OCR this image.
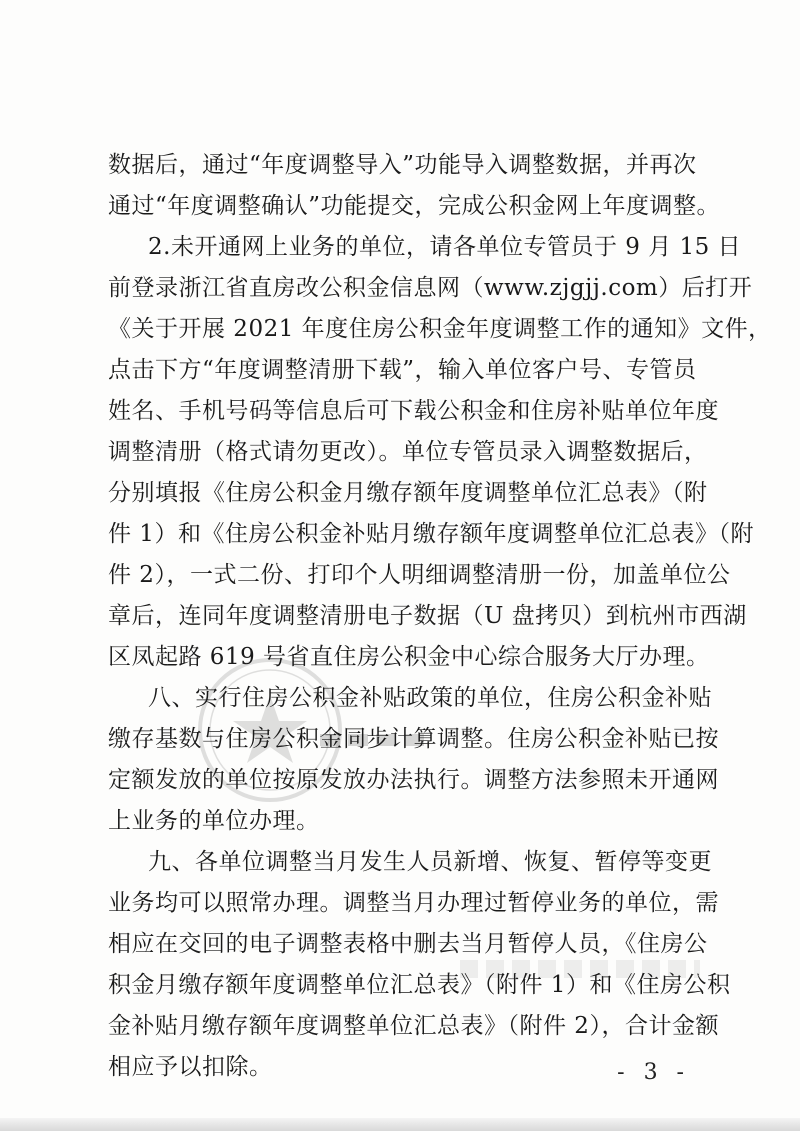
数据后，通过“年度调整导入”功能导入调整数据，并再次
通过“年度调整确认”功能提交，完成公积金网上年度调整。
2.未开通网上业务的单位，请各单位专管员于 9 月 15 日
前登录浙江省直房改公积金信息网（www.zjgjj.com）后打开
《关于开展 2021 年度住房公积金年度调整工作的通知》文件，
点击下方“年度调整清册下载”，输入单位客户号、专管员
姓名、手机号码等信息后可下载公积金和住房补贴单位年度
调整清册（格式请勿更改）。单位专管员录入调整数据后，
分别填报《住房公积金月缴存额年度调整单位汇总表》（附
件 1）和《住房公积金补贴月缴存额年度调整单位汇总表》（附
件 2），一式二份、打印个人明细调整清册一份，加盖单位公
章后，连同年度调整清册电子数据（U 盘拷贝）到杭州市西湖
区凤起路 619 号省直住房公积金中心综合服务大厅办理。
八、实行住房公积金补贴政策的单位，住房公积金补贴
缴存基数与住房公积金同步计算调整。住房公积金补贴已按
定额发放的单位按原发放办法执行。调整方法参照未开通网
上业务的单位办理。
九、各单位调整当月发生人员新增、恢复、暂停等变更
业务均可以照常办理。调整当月办理过暂停业务的单位，需
相应在交回的电子调整表格中删去当月暂停人员，《住房公
积金月缴存额年度调整单位汇总表》（附件 1）和《住房公积
金补贴月缴存额年度调整单位汇总表》（附件 2），合计金额
相应予以扣除。	- 3 -
